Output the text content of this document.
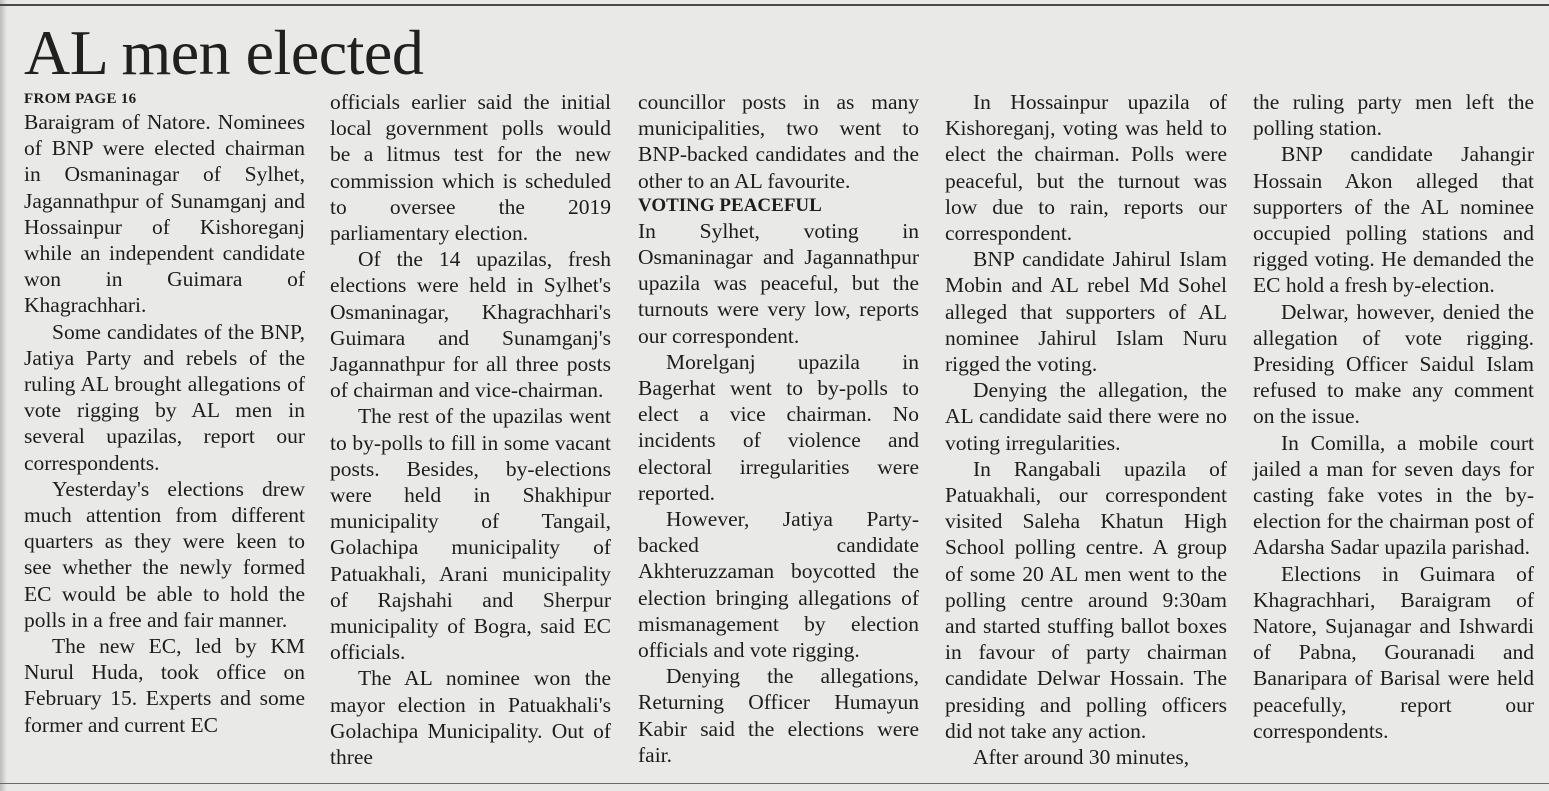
AL men elected
FROM PAGE 16

Baraigram of Natore. Nominees of BNP were elected chairman in Osmaninagar of Sylhet, Jagannathpur of Sunamganj and Hossainpur of Kishoreganj while an independent candidate won in Guimara of Khagrachhari.

Some candidates of the BNP, Jatiya Party and rebels of the ruling AL brought allegations of vote rigging by AL men in several upazilas, report our correspondents.

Yesterday's elections drew much attention from different quarters as they were keen to see whether the newly formed EC would be able to hold the polls in a free and fair manner.

The new EC, led by KM Nurul Huda, took office on February 15. Experts and some former and current EC

officials earlier said the initial local government polls would be a litmus test for the new commission which is scheduled to oversee the 2019 parliamentary election.

Of the 14 upazilas, fresh elections were held in Sylhet's Osmaninagar, Khagrachhari's Guimara and Sunamganj's Jagannathpur for all three posts of chairman and vice-chairman.

The rest of the upazilas went to by-polls to fill in some vacant posts. Besides, by-elections were held in Shakhipur municipality of Tangail, Golachipa municipality of Patuakhali, Arani municipality of Rajshahi and Sherpur municipality of Bogra, said EC officials.

The AL nominee won the mayor election in Patuakhali's Golachipa Municipality. Out of three

councillor posts in as many municipalities, two went to BNP-backed candidates and the other to an AL favourite.

VOTING PEACEFUL

In Sylhet, voting in Osmaninagar and Jagannathpur upazila was peaceful, but the turnouts were very low, reports our correspondent.

Morelganj upazila in Bagerhat went to by-polls to elect a vice chairman. No incidents of violence and electoral irregularities were reported.

However, Jatiya Party-backed candidate Akhteruzzaman boycotted the election bringing allegations of mismanagement by election officials and vote rigging.

Denying the allegations, Returning Officer Humayun Kabir said the elections were fair.

In Hossainpur upazila of Kishoreganj, voting was held to elect the chairman. Polls were peaceful, but the turnout was low due to rain, reports our correspondent.

BNP candidate Jahirul Islam Mobin and AL rebel Md Sohel alleged that supporters of AL nominee Jahirul Islam Nuru rigged the voting.

Denying the allegation, the AL candidate said there were no voting irregularities.

In Rangabali upazila of Patuakhali, our correspondent visited Saleha Khatun High School polling centre. A group of some 20 AL men went to the polling centre around 9:30am and started stuffing ballot boxes in favour of party chairman candidate Delwar Hossain. The presiding and polling officers did not take any action.

After around 30 minutes,

the ruling party men left the polling station.

BNP candidate Jahangir Hossain Akon alleged that supporters of the AL nominee occupied polling stations and rigged voting. He demanded the EC hold a fresh by-election.

Delwar, however, denied the allegation of vote rigging. Presiding Officer Saidul Islam refused to make any comment on the issue.

In Comilla, a mobile court jailed a man for seven days for casting fake votes in the by-election for the chairman post of Adarsha Sadar upazila parishad.

Elections in Guimara of Khagrachhari, Baraigram of Natore, Sujanagar and Ishwardi of Pabna, Gouranadi and Banaripara of Barisal were held peacefully, report our correspondents.
